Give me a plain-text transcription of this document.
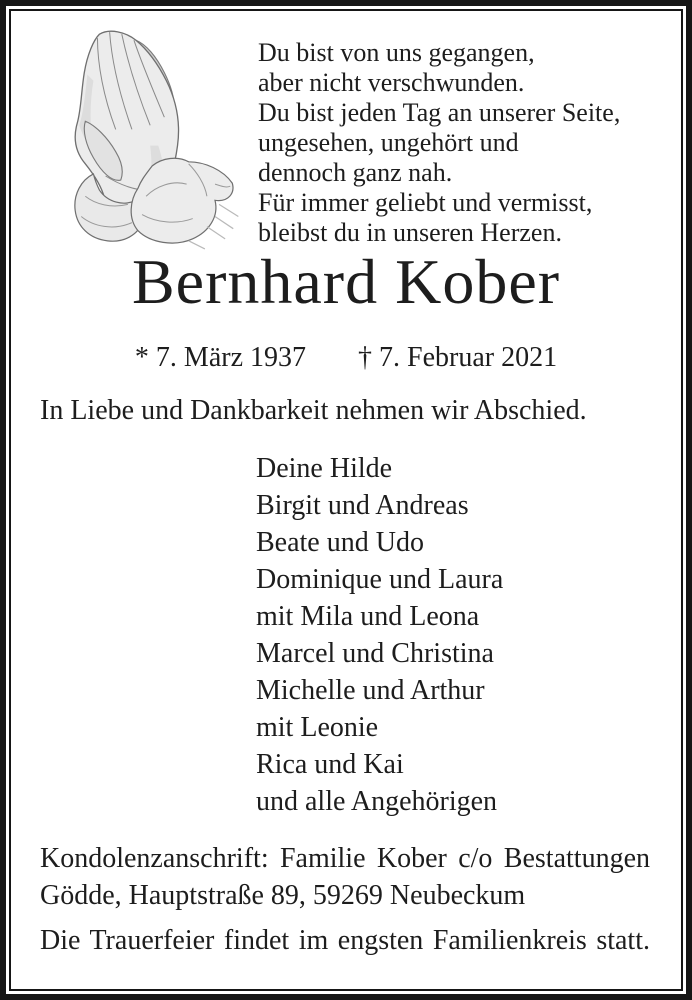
Du bist von uns gegangen,
aber nicht verschwunden.
Du bist jeden Tag an unserer Seite,
ungesehen, ungehört und
dennoch ganz nah.
Für immer geliebt und vermisst,
bleibst du in unseren Herzen.
Bernhard Kober
* 7. März 1937 † 7. Februar 2021
In Liebe und Dankbarkeit nehmen wir Abschied.
Deine Hilde
Birgit und Andreas
Beate und Udo
Dominique und Laura
mit Mila und Leona
Marcel und Christina
Michelle und Arthur
mit Leonie
Rica und Kai
und alle Angehörigen
Kondolenzanschrift: Familie Kober c/o Bestattungen
Gödde, Hauptstraße 89, 59269 Neubeckum
Die Trauerfeier findet im engsten Familienkreis statt.
